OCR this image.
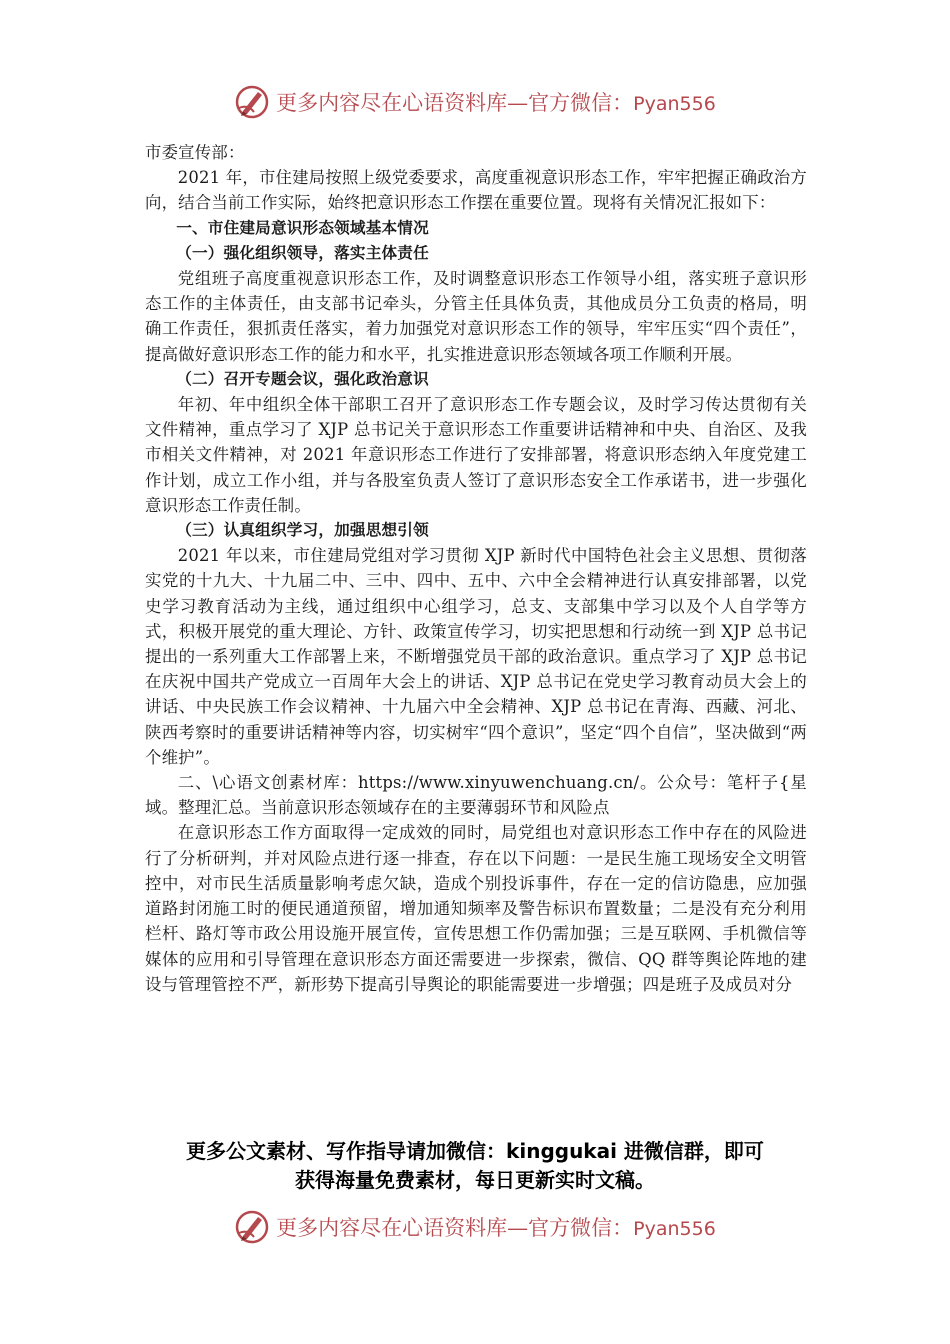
更多内容尽在心语资料库—官方微信：Pyan556

市委宣传部：

2021 年，市住建局按照上级党委要求，高度重视意识形态工作，牢牢把握正确政治方向，结合当前工作实际，始终把意识形态工作摆在重要位置。现将有关情况汇报如下：

一、市住建局意识形态领域基本情况

（一）强化组织领导，落实主体责任

党组班子高度重视意识形态工作，及时调整意识形态工作领导小组，落实班子意识形态工作的主体责任，由支部书记牵头，分管主任具体负责，其他成员分工负责的格局，明确工作责任，狠抓责任落实，着力加强党对意识形态工作的领导，牢牢压实“四个责任”，提高做好意识形态工作的能力和水平，扎实推进意识形态领域各项工作顺利开展。

（二）召开专题会议，强化政治意识

年初、年中组织全体干部职工召开了意识形态工作专题会议，及时学习传达贯彻有关文件精神，重点学习了 XJP 总书记关于意识形态工作重要讲话精神和中央、自治区、及我市相关文件精神，对 2021 年意识形态工作进行了安排部署，将意识形态纳入年度党建工作计划，成立工作小组，并与各股室负责人签订了意识形态安全工作承诺书，进一步强化意识形态工作责任制。

（三）认真组织学习，加强思想引领

2021 年以来，市住建局党组对学习贯彻 XJP 新时代中国特色社会主义思想、贯彻落实党的十九大、十九届二中、三中、四中、五中、六中全会精神进行认真安排部署，以党史学习教育活动为主线，通过组织中心组学习，总支、支部集中学习以及个人自学等方式，积极开展党的重大理论、方针、政策宣传学习，切实把思想和行动统一到 XJP 总书记提出的一系列重大工作部署上来，不断增强党员干部的政治意识。重点学习了 XJP 总书记在庆祝中国共产党成立一百周年大会上的讲话、XJP 总书记在党史学习教育动员大会上的讲话、中央民族工作会议精神、十九届六中全会精神、XJP 总书记在青海、西藏、河北、陕西考察时的重要讲话精神等内容，切实树牢“四个意识”，坚定“四个自信”，坚决做到“两个维护”。

二、\心语文创素材库：https://www.xinyuwenchuang.cn/。公众号：笔杆子{星域。整理汇总。当前意识形态领域存在的主要薄弱环节和风险点

在意识形态工作方面取得一定成效的同时，局党组也对意识形态工作中存在的风险进行了分析研判，并对风险点进行逐一排查，存在以下问题：一是民生施工现场安全文明管控中，对市民生活质量影响考虑欠缺，造成个别投诉事件，存在一定的信访隐患，应加强道路封闭施工时的便民通道预留，增加通知频率及警告标识布置数量；二是没有充分利用栏杆、路灯等市政公用设施开展宣传，宣传思想工作仍需加强；三是互联网、手机微信等媒体的应用和引导管理在意识形态方面还需要进一步探索，微信、QQ 群等舆论阵地的建设与管理管控不严，新形势下提高引导舆论的职能需要进一步增强；四是班子及成员对分

更多公文素材、写作指导请加微信：kinggukai 进微信群，即可

获得海量免费素材，每日更新实时文稿。

更多内容尽在心语资料库—官方微信：Pyan556
